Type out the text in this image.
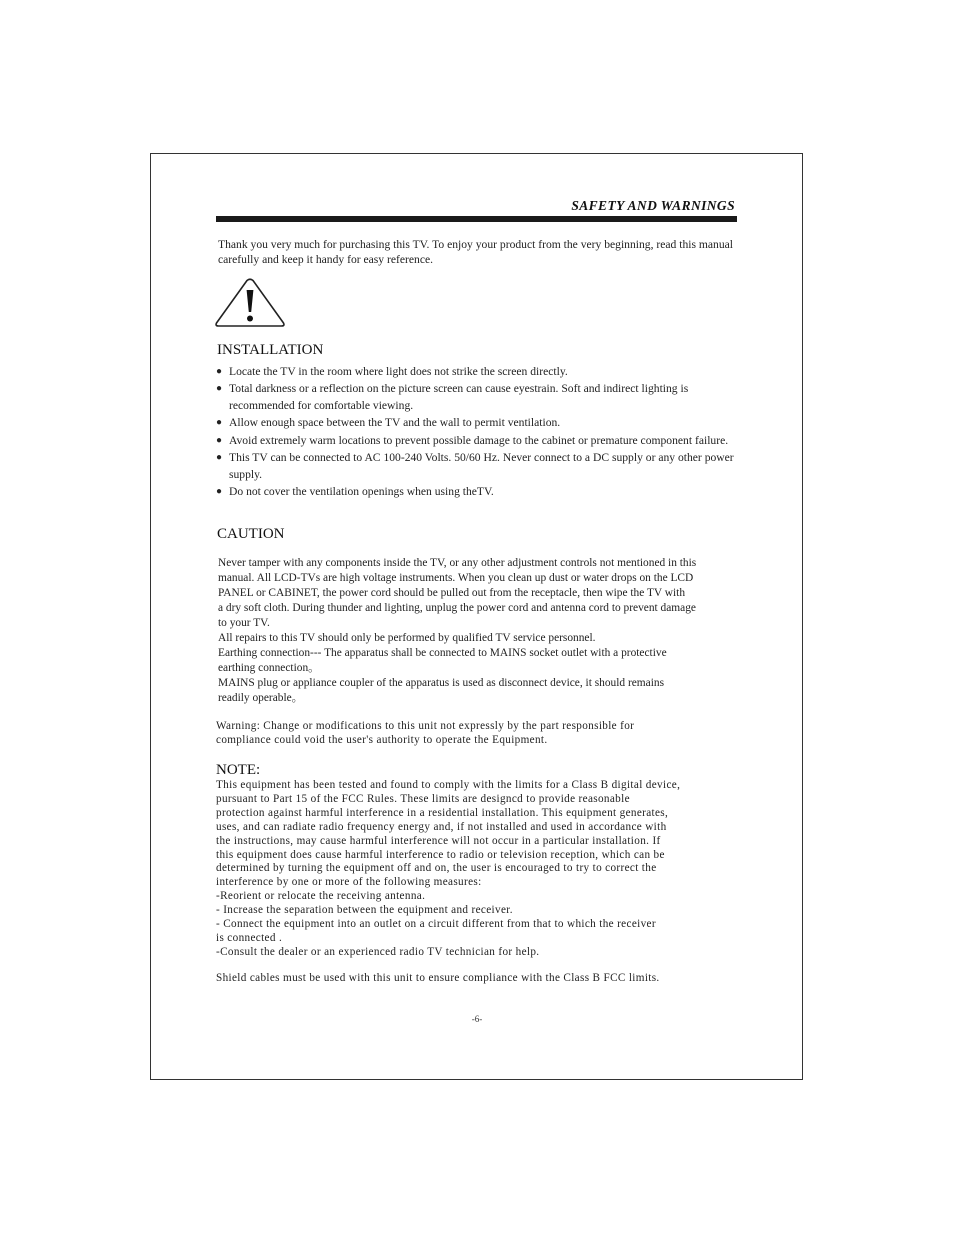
SAFETY AND WARNINGS
Thank you very much for purchasing this TV. To enjoy your product from the very beginning, read this manual carefully and keep it handy for easy reference.
INSTALLATION
● Locate the TV in the room where light does not strike the screen directly.
● Total darkness or a reflection on the picture screen can cause eyestrain. Soft and indirect lighting is recommended for comfortable viewing.
● Allow enough space between the TV and the wall to permit ventilation.
● Avoid extremely warm locations to prevent possible damage to the cabinet or premature component failure.
● This TV can be connected to AC 100-240 Volts. 50/60 Hz. Never connect to a DC supply or any other power supply.
● Do not cover the ventilation openings when using theTV.
CAUTION

Never tamper with any components inside the TV, or any other adjustment controls not mentioned in this

manual. All LCD-TVs are high voltage instruments. When you clean up dust or water drops on the LCD

PANEL or CABINET, the power cord should be pulled out from the receptacle, then wipe the TV with

a dry soft cloth. During thunder and lighting, unplug the power cord and antenna cord to prevent damage

to your TV.

All repairs to this TV should only be performed by qualified TV service personnel.

Earthing connection--- The apparatus shall be connected to MAINS socket outlet with a protective

earthing connection。

MAINS plug or appliance coupler of the apparatus is used as disconnect device, it should remains

readily operable。

Warning: Change or modifications to this unit not expressly by the part responsible for

compliance could void the user's authority to operate the Equipment.

NOTE:

This equipment has been tested and found to comply with the limits for a Class B digital device,

pursuant to Part 15 of the FCC Rules. These limits are designcd to provide reasonable

protection against harmful interference in a residential installation. This equipment generates,

uses, and can radiate radio frequency energy and, if not installed and used in accordance with

the instructions, may cause harmful interference will not occur in a particular installation. If

this equipment does cause harmful interference to radio or television reception, which can be

determined by turning the equipment off and on, the user is encouraged to try to correct the

interference by one or more of the following measures:

-Reorient or relocate the receiving antenna.

- Increase the separation between the equipment and receiver.

- Connect the equipment into an outlet on a circuit different from that to which the receiver

is connected .

-Consult the dealer or an experienced radio TV technician for help.

Shield cables must be used with this unit to ensure compliance with the Class B FCC limits.
-6-
